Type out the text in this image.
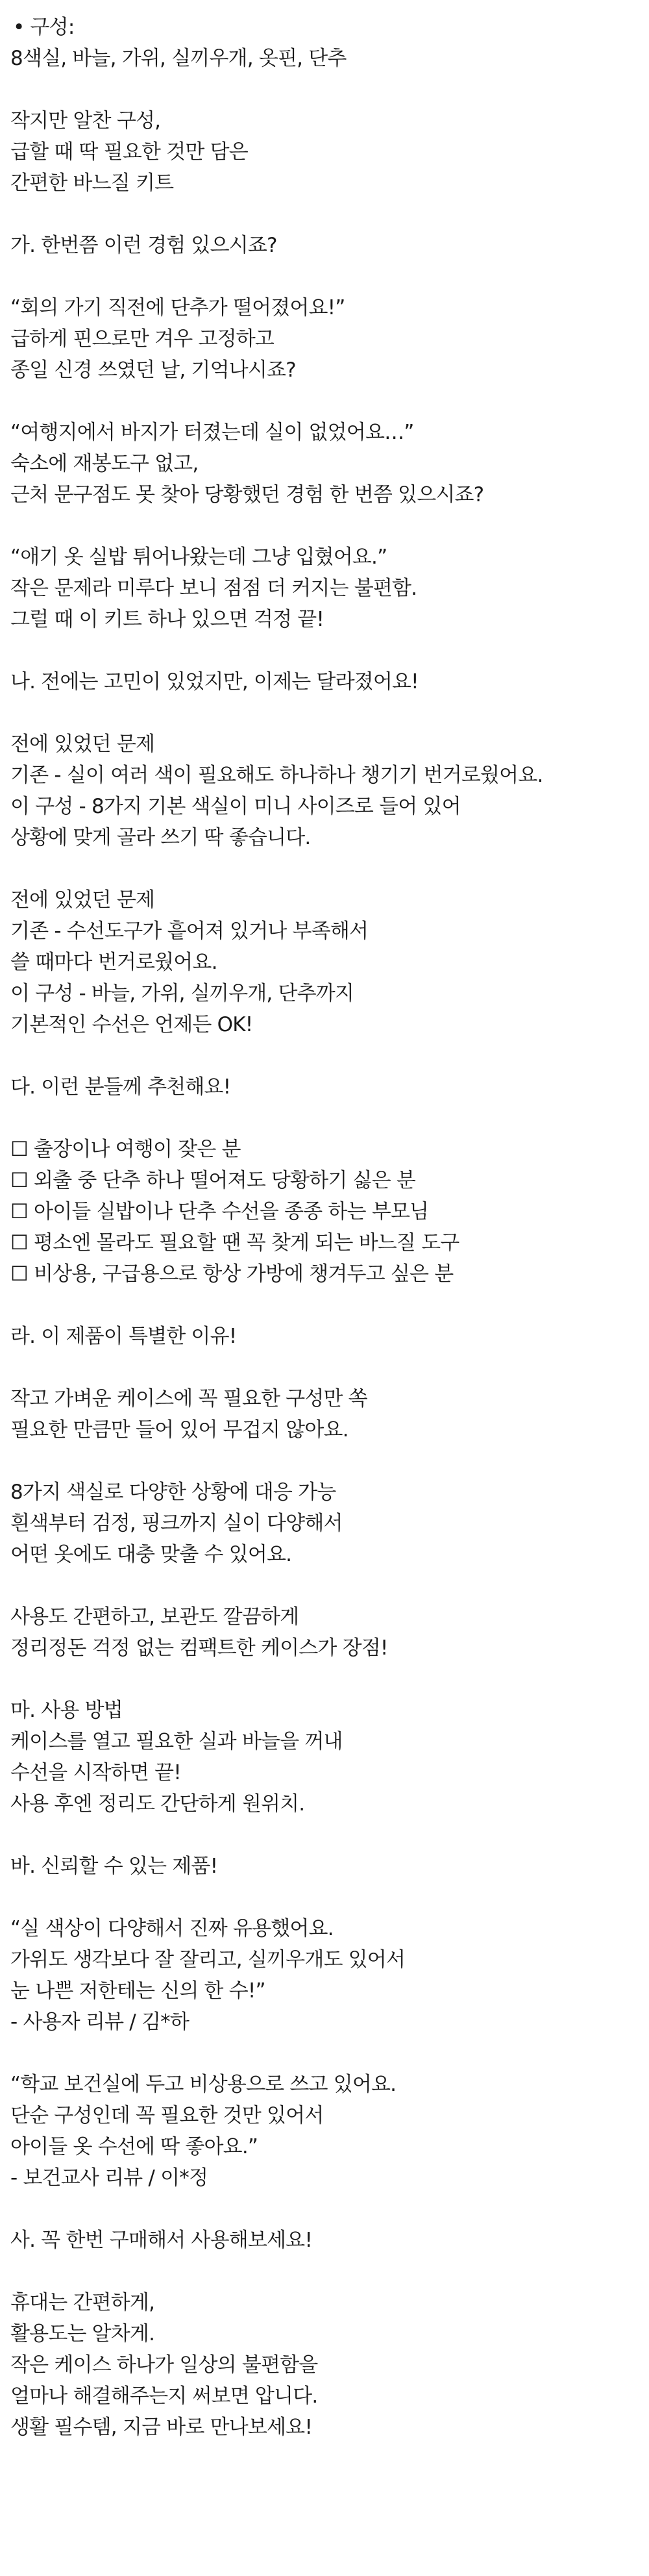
• 구성:
8색실, 바늘, 가위, 실끼우개, 옷핀, 단추
작지만 알찬 구성,
급할 때 딱 필요한 것만 담은
간편한 바느질 키트
가. 한번쯤 이런 경험 있으시죠?
“회의 가기 직전에 단추가 떨어졌어요!”
급하게 핀으로만 겨우 고정하고
종일 신경 쓰였던 날, 기억나시죠?
“여행지에서 바지가 터졌는데 실이 없었어요…”
숙소에 재봉도구 없고,
근처 문구점도 못 찾아 당황했던 경험 한 번쯤 있으시죠?
“애기 옷 실밥 튀어나왔는데 그냥 입혔어요.”
작은 문제라 미루다 보니 점점 더 커지는 불편함.
그럴 때 이 키트 하나 있으면 걱정 끝!
나. 전에는 고민이 있었지만, 이제는 달라졌어요!
전에 있었던 문제
기존 - 실이 여러 색이 필요해도 하나하나 챙기기 번거로웠어요.
이 구성 - 8가지 기본 색실이 미니 사이즈로 들어 있어
상황에 맞게 골라 쓰기 딱 좋습니다.
전에 있었던 문제
기존 - 수선도구가 흩어져 있거나 부족해서
쓸 때마다 번거로웠어요.
이 구성 - 바늘, 가위, 실끼우개, 단추까지
기본적인 수선은 언제든 OK!
다. 이런 분들께 추천해요!
☐ 출장이나 여행이 잦은 분
☐ 외출 중 단추 하나 떨어져도 당황하기 싫은 분
☐ 아이들 실밥이나 단추 수선을 종종 하는 부모님
☐ 평소엔 몰라도 필요할 땐 꼭 찾게 되는 바느질 도구
☐ 비상용, 구급용으로 항상 가방에 챙겨두고 싶은 분
라. 이 제품이 특별한 이유!
작고 가벼운 케이스에 꼭 필요한 구성만 쏙
필요한 만큼만 들어 있어 무겁지 않아요.
8가지 색실로 다양한 상황에 대응 가능
흰색부터 검정, 핑크까지 실이 다양해서
어떤 옷에도 대충 맞출 수 있어요.
사용도 간편하고, 보관도 깔끔하게
정리정돈 걱정 없는 컴팩트한 케이스가 장점!
마. 사용 방법
케이스를 열고 필요한 실과 바늘을 꺼내
수선을 시작하면 끝!
사용 후엔 정리도 간단하게 원위치.
바. 신뢰할 수 있는 제품!
“실 색상이 다양해서 진짜 유용했어요.
가위도 생각보다 잘 잘리고, 실끼우개도 있어서
눈 나쁜 저한테는 신의 한 수!”
- 사용자 리뷰 / 김*하
“학교 보건실에 두고 비상용으로 쓰고 있어요.
단순 구성인데 꼭 필요한 것만 있어서
아이들 옷 수선에 딱 좋아요.”
- 보건교사 리뷰 / 이*정
사. 꼭 한번 구매해서 사용해보세요!
휴대는 간편하게,
활용도는 알차게.
작은 케이스 하나가 일상의 불편함을
얼마나 해결해주는지 써보면 압니다.
생활 필수템, 지금 바로 만나보세요!
